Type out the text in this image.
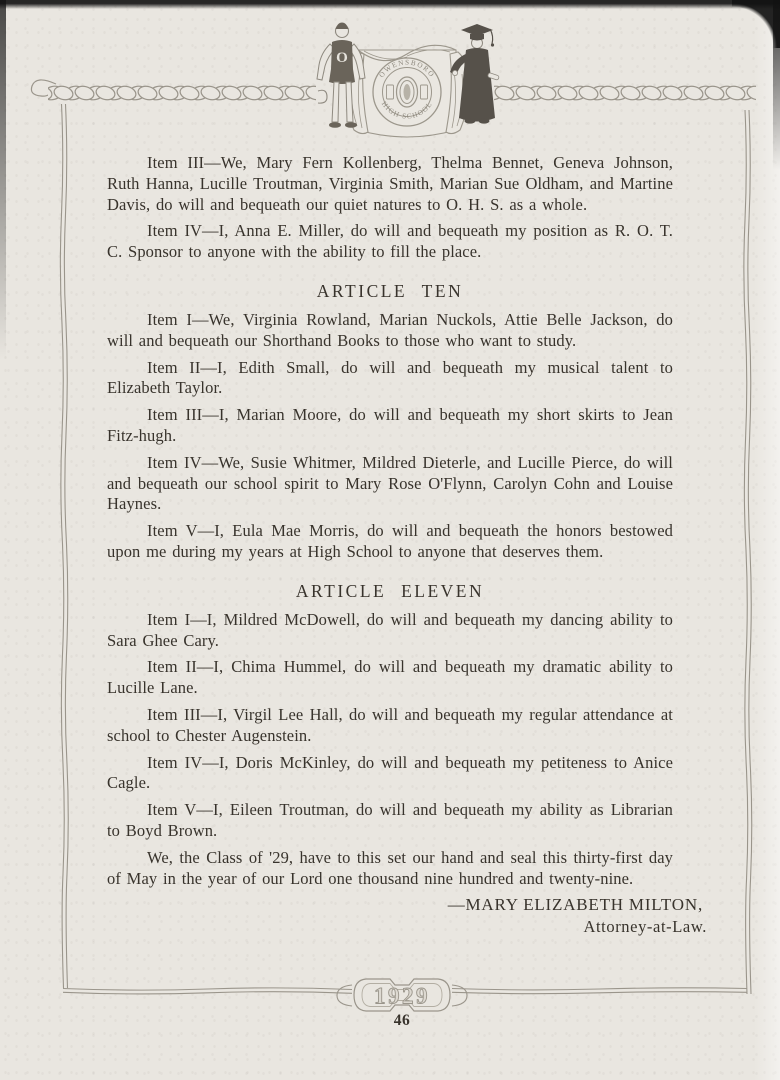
1929
OWENSBORO
HIGH SCHOOL
O

Item III—We, Mary Fern Kollenberg, Thelma Bennet, Geneva Johnson, Ruth Hanna, Lucille Troutman, Virginia Smith, Marian Sue Oldham, and Martine Davis, do will and bequeath our quiet natures to O. H. S. as a whole.

Item IV—I, Anna E. Miller, do will and bequeath my position as R. O. T. C. Sponsor to anyone with the ability to fill the place.

ARTICLE TEN

Item I—We, Virginia Rowland, Marian Nuckols, Attie Belle Jackson, do will and bequeath our Shorthand Books to those who want to study.

Item II—I, Edith Small, do will and bequeath my musical talent to Elizabeth Taylor.

Item III—I, Marian Moore, do will and bequeath my short skirts to Jean Fitz-hugh.

Item IV—We, Susie Whitmer, Mildred Dieterle, and Lucille Pierce, do will and bequeath our school spirit to Mary Rose O'Flynn, Carolyn Cohn and Louise Haynes.

Item V—I, Eula Mae Morris, do will and bequeath the honors bestowed upon me during my years at High School to anyone that deserves them.

ARTICLE ELEVEN

Item I—I, Mildred McDowell, do will and bequeath my dancing ability to Sara Ghee Cary.

Item II—I, Chima Hummel, do will and bequeath my dramatic ability to Lucille Lane.

Item III—I, Virgil Lee Hall, do will and bequeath my regular attendance at school to Chester Augenstein.

Item IV—I, Doris McKinley, do will and bequeath my petiteness to Anice Cagle.

Item V—I, Eileen Troutman, do will and bequeath my ability as Librarian to Boyd Brown.

We, the Class of '29, have to this set our hand and seal this thirty-first day of May in the year of our Lord one thousand nine hundred and twenty-nine.

—MARY ELIZABETH MILTON,
Attorney-at-Law.
46
